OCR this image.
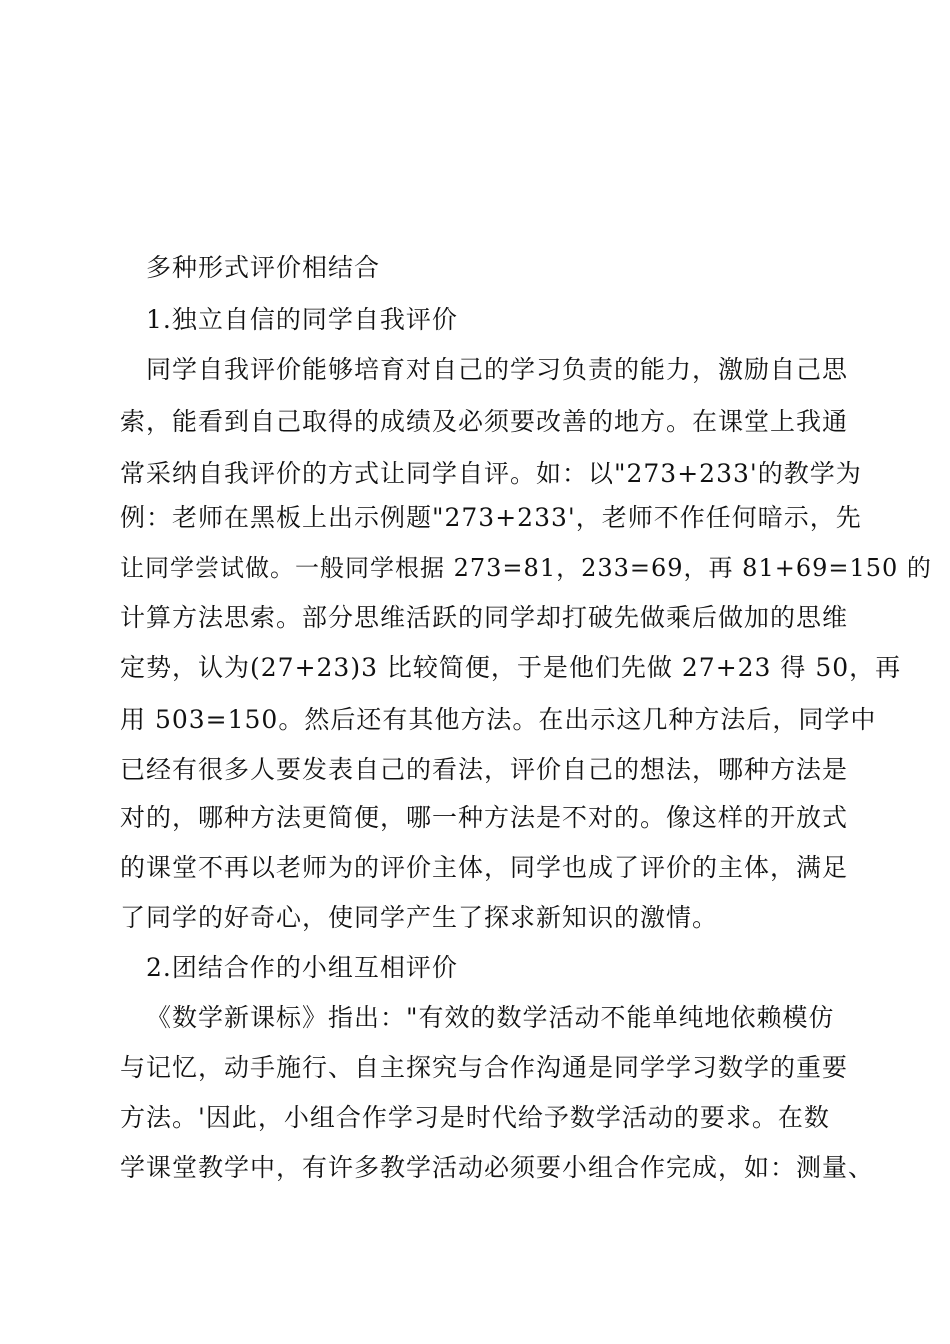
多种形式评价相结合
1.独立自信的同学自我评价
同学自我评价能够培育对自己的学习负责的能力，激励自己思
索，能看到自己取得的成绩及必须要改善的地方。在课堂上我通
常采纳自我评价的方式让同学自评。如：以"273+233'的教学为
例：老师在黑板上出示例题"273+233'，老师不作任何暗示，先
让同学尝试做。一般同学根据 273=81，233=69，再 81+69=150 的
计算方法思索。部分思维活跃的同学却打破先做乘后做加的思维
定势，认为(27+23)3 比较简便，于是他们先做 27+23 得 50，再
用 503=150。然后还有其他方法。在出示这几种方法后，同学中
已经有很多人要发表自己的看法，评价自己的想法，哪种方法是
对的，哪种方法更简便，哪一种方法是不对的。像这样的开放式
的课堂不再以老师为的评价主体，同学也成了评价的主体，满足
了同学的好奇心，使同学产生了探求新知识的激情。
2.团结合作的小组互相评价
《数学新课标》指出："有效的数学活动不能单纯地依赖模仿
与记忆，动手施行、自主探究与合作沟通是同学学习数学的重要
方法。'因此，小组合作学习是时代给予数学活动的要求。在数
学课堂教学中，有许多教学活动必须要小组合作完成，如：测量、
